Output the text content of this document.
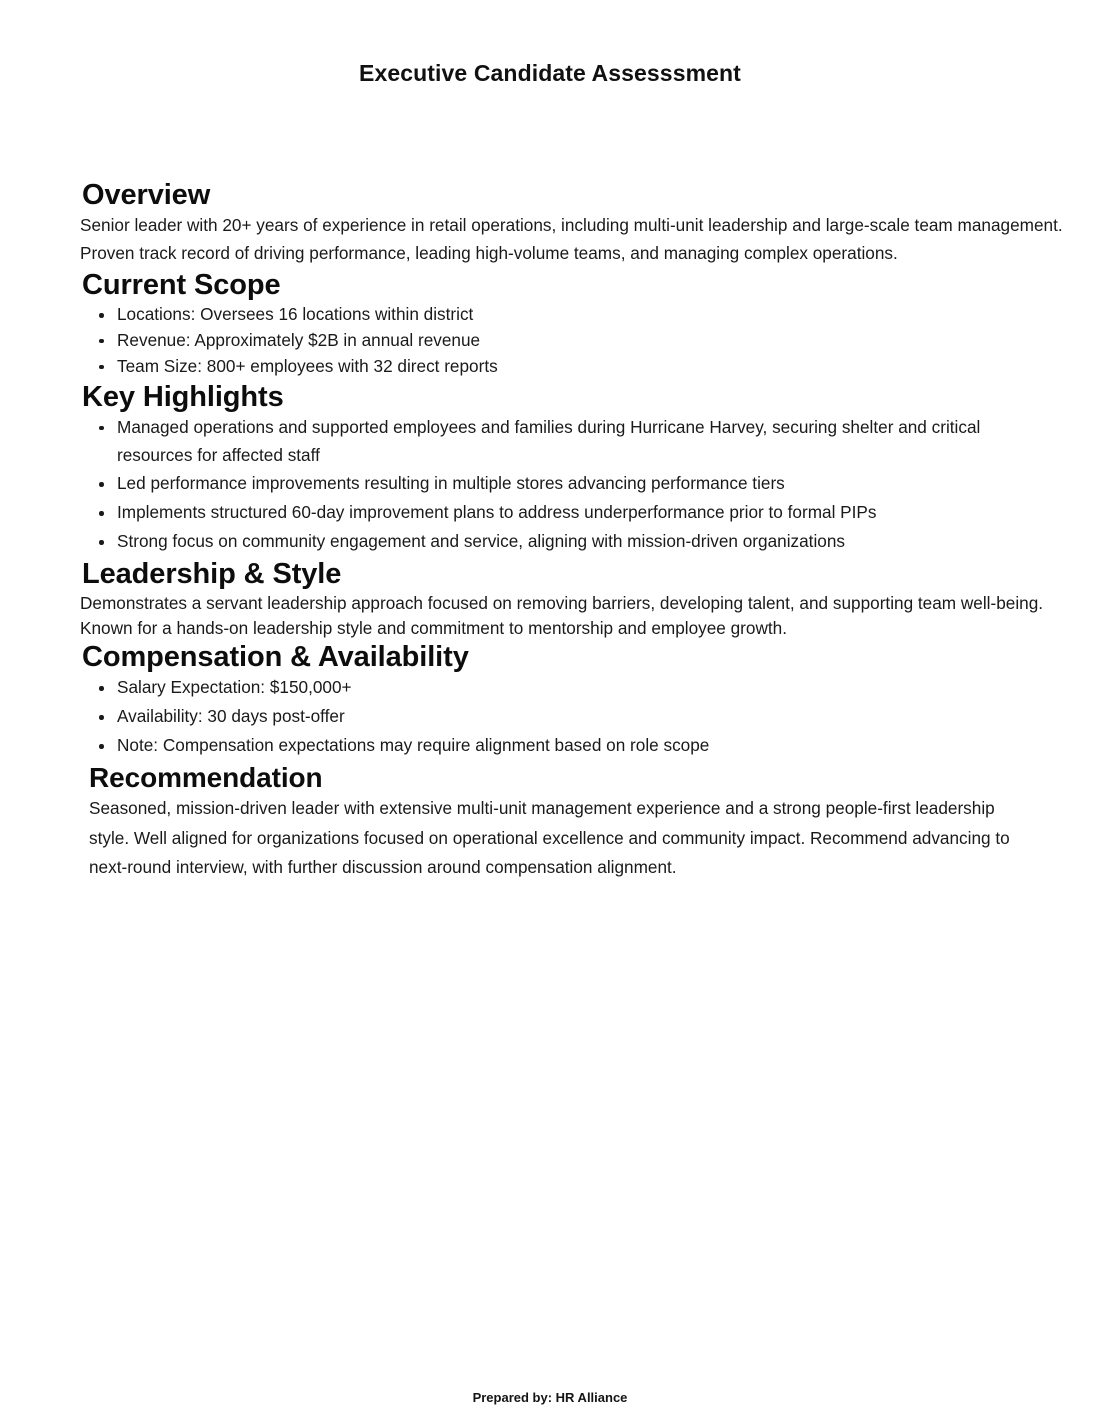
Executive Candidate Assesssment
Overview

Senior leader with 20+ years of experience in retail operations, including multi-unit leadership and large-scale team management. Proven track record of driving performance, leading high-volume teams, and managing complex operations.

Current Scope
Locations: Oversees 16 locations within district
Revenue: Approximately $2B in annual revenue
Team Size: 800+ employees with 32 direct reports
Key Highlights
Managed operations and supported employees and families during Hurricane Harvey, securing shelter and critical resources for affected staff
Led performance improvements resulting in multiple stores advancing performance tiers
Implements structured 60-day improvement plans to address underperformance prior to formal PIPs
Strong focus on community engagement and service, aligning with mission-driven organizations
Leadership & Style

Demonstrates a servant leadership approach focused on removing barriers, developing talent, and supporting team well-being. Known for a hands-on leadership style and commitment to mentorship and employee growth.

Compensation & Availability
Salary Expectation: $150,000+
Availability: 30 days post-offer
Note: Compensation expectations may require alignment based on role scope
Recommendation

Seasoned, mission-driven leader with extensive multi-unit management experience and a strong people-first leadership style. Well aligned for organizations focused on operational excellence and community impact. Recommend advancing to next-round interview, with further discussion around compensation alignment.

Prepared by: HR Alliance
